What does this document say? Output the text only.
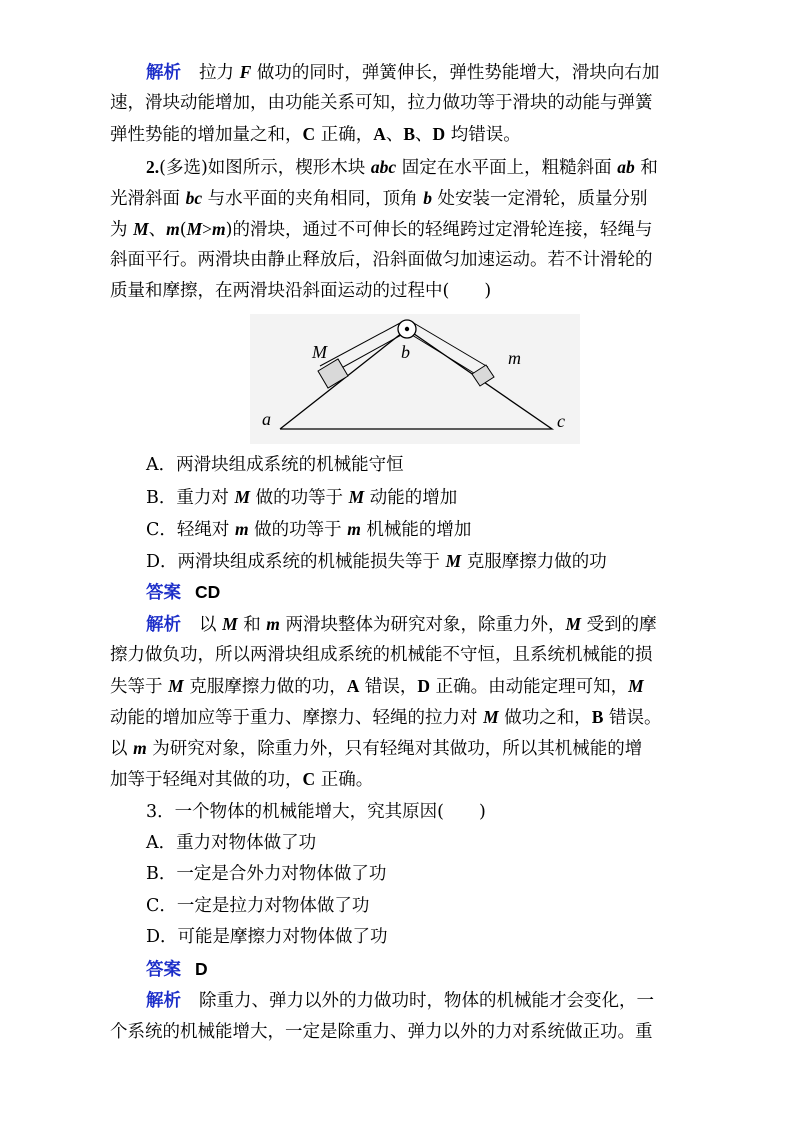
解析 拉力 F 做功的同时，弹簧伸长，弹性势能增大，滑块向右加
速，滑块动能增加，由功能关系可知，拉力做功等于滑块的动能与弹簧
弹性势能的增加量之和，C 正确，A、B、D 均错误。
2.(多选)如图所示，楔形木块 abc 固定在水平面上，粗糙斜面 ab 和
光滑斜面 bc 与水平面的夹角相同，顶角 b 处安装一定滑轮，质量分别
为 M、m(M>m)的滑块，通过不可伸长的轻绳跨过定滑轮连接，轻绳与
斜面平行。两滑块由静止释放后，沿斜面做匀加速运动。若不计滑轮的
质量和摩擦，在两滑块沿斜面运动的过程中(　　)
M	b	m
a	c
A．两滑块组成系统的机械能守恒
B．重力对 M 做的功等于 M 动能的增加
C．轻绳对 m 做的功等于 m 机械能的增加
D．两滑块组成系统的机械能损失等于 M 克服摩擦力做的功
答案 CD
解析 以 M 和 m 两滑块整体为研究对象，除重力外，M 受到的摩
擦力做负功，所以两滑块组成系统的机械能不守恒，且系统机械能的损
失等于 M 克服摩擦力做的功，A 错误，D 正确。由动能定理可知，M
动能的增加应等于重力、摩擦力、轻绳的拉力对 M 做功之和，B 错误。
以 m 为研究对象，除重力外，只有轻绳对其做功，所以其机械能的增
加等于轻绳对其做的功，C 正确。
3．一个物体的机械能增大，究其原因(　　)
A．重力对物体做了功
B．一定是合外力对物体做了功
C．一定是拉力对物体做了功
D．可能是摩擦力对物体做了功
答案 D
解析 除重力、弹力以外的力做功时，物体的机械能才会变化，一
个系统的机械能增大，一定是除重力、弹力以外的力对系统做正功。重
